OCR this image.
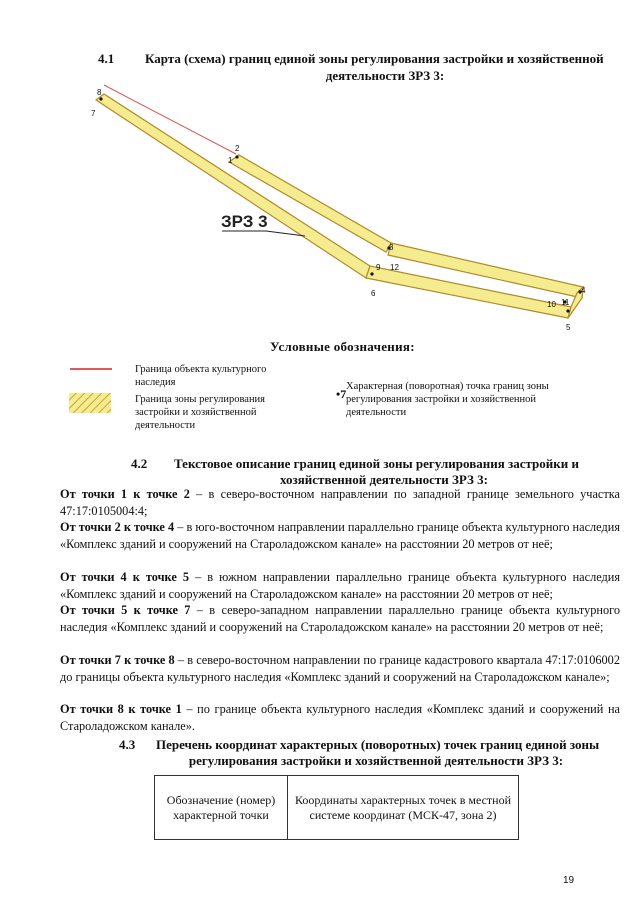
4.1 Карта (схема) границ единой зоны регулирования застройки и хозяйственной
деятельности ЗРЗ 3:
ЗРЗ 3
8
7
2
1
3
12
9
6	4
5
10 11
Условные обозначения:
Граница объекта культурного наследия
Граница зоны регулирования застройки и хозяйственной деятельности
•7
Характерная (поворотная) точка границ зоны регулирования застройки и хозяйственной деятельности
4.2 Текстовое описание границ единой зоны регулирования застройки и
хозяйственной деятельности ЗРЗ 3:
От точки 1 к точке 2 – в северо-восточном направлении по западной границе земельного участка 47:17:0105004:4;
От точки 2 к точке 4 – в юго-восточном направлении параллельно границе объекта культурного наследия «Комплекс зданий и сооружений на Староладожском канале» на расстоянии 20 метров от неё;
От точки 4 к точке 5 – в южном направлении параллельно границе объекта культурного наследия «Комплекс зданий и сооружений на Староладожском канале» на расстоянии 20 метров от неё;
От точки 5 к точке 7 – в северо-западном направлении параллельно границе объекта культурного наследия «Комплекс зданий и сооружений на Староладожском канале» на расстоянии 20 метров от неё;
От точки 7 к точке 8 – в северо-восточном направлении по границе кадастрового квартала 47:17:0106002 до границы объекта культурного наследия «Комплекс зданий и сооружений на Староладожском канале»;
От точки 8 к точке 1 – по границе объекта культурного наследия «Комплекс зданий и сооружений на Староладожском канале».
4.3 Перечень координат характерных (поворотных) точек границ единой зоны
регулирования застройки и хозяйственной деятельности ЗРЗ 3:
Обозначение (номер) характерной точки	Координаты характерных точек в местной системе координат (МСК-47, зона 2)
19
